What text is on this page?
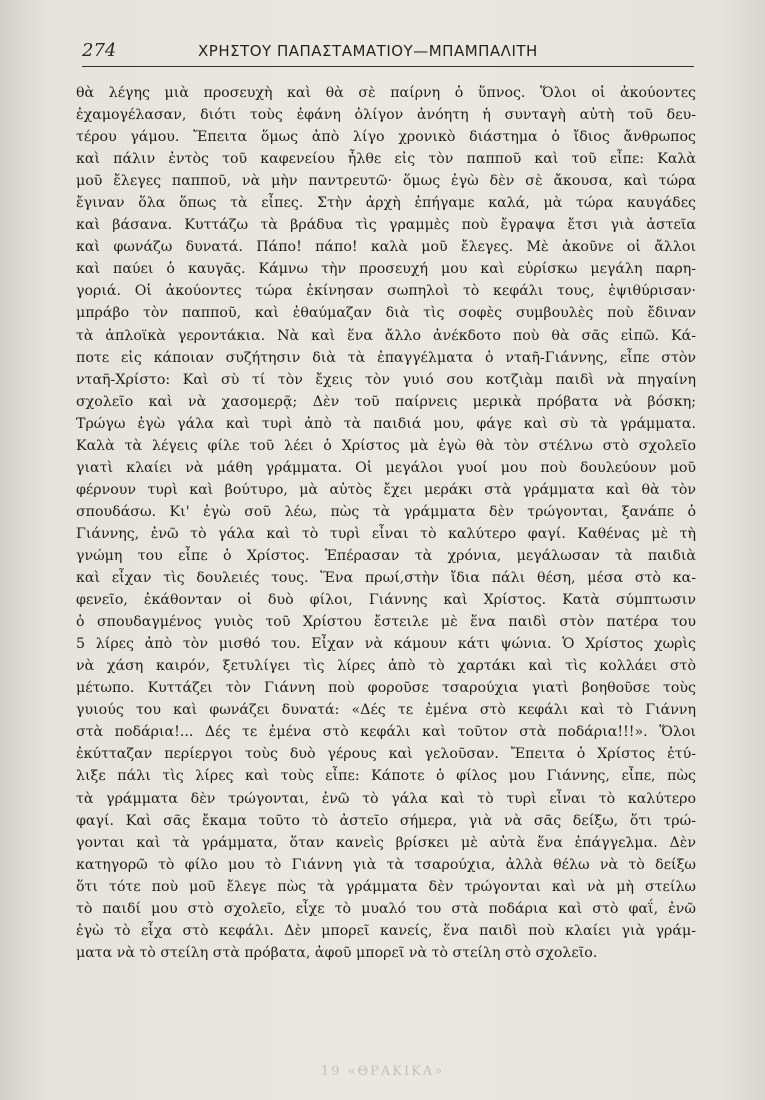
274	ΧΡΗΣΤΟΥ ΠΑΠΑΣΤΑΜΑΤΙΟΥ—ΜΠΑΜΠΑΛΙΤΗ
θὰ λέγης μιὰ προσευχὴ καὶ θὰ σὲ παίρνη ὁ ὕπνος. Ὅλοι οἱ ἀκούοντες
ἐχαμογέλασαν, διότι τοὺς ἐφάνη ὀλίγον ἀνόητη ἡ συνταγὴ αὐτὴ τοῦ δευ-
τέρου γάμου. Ἔπειτα ὅμως ἀπὸ λίγο χρονικὸ διάστημα ὁ ἴδιος ἄνθρωπος
καὶ πάλιν ἐντὸς τοῦ καφενείου ἦλθε εἰς τὸν παπποῦ καὶ τοῦ εἶπε: Καλὰ
μοῦ ἔλεγες παπποῦ, νὰ μὴν παντρευτῶ· ὅμως ἐγὼ δὲν σὲ ἄκουσα, καὶ τώρα
ἔγιναν ὅλα ὅπως τὰ εἶπες. Στὴν ἀρχὴ ἐπήγαμε καλά, μὰ τώρα καυγάδες
καὶ βάσανα. Κυττάζω τὰ βράδυα τὶς γραμμὲς ποὺ ἔγραψα ἔτσι γιὰ ἀστεῖα
καὶ φωνάζω δυνατά. Πάπο! πάπο! καλὰ μοῦ ἔλεγες. Μὲ ἀκοῦνε οἱ ἄλλοι
καὶ παύει ὁ καυγᾶς. Κάμνω τὴν προσευχή μου καὶ εὑρίσκω μεγάλη παρη-
γοριά. Οἱ ἀκούοντες τώρα ἐκίνησαν σωπηλοὶ τὸ κεφάλι τους, ἐψιθύρισαν·
μπράβο τὸν παπποῦ, καὶ ἐθαύμαζαν διὰ τὶς σοφὲς συμβουλὲς ποὺ ἔδιναν
τὰ ἁπλοϊκὰ γεροντάκια. Νὰ καὶ ἕνα ἄλλο ἀνέκδοτο ποὺ θὰ σᾶς εἰπῶ. Κά-
ποτε εἰς κάποιαν συζήτησιν διὰ τὰ ἐπαγγέλματα ὁ νταῆ-Γιάννης, εἶπε στὸν
νταῆ-Χρίστο: Καὶ σὺ τί τὸν ἔχεις τὸν γυιό σου κοτζιὰμ παιδὶ νὰ πηγαίνη
σχολεῖο καὶ νὰ χασομερᾷ; Δὲν τοῦ παίρνεις μερικὰ πρόβατα νὰ βόσκη;
Τρώγω ἐγὼ γάλα καὶ τυρὶ ἀπὸ τὰ παιδιά μου, φάγε καὶ σὺ τὰ γράμματα.
Καλὰ τὰ λέγεις φίλε τοῦ λέει ὁ Χρίστος μὰ ἐγὼ θὰ τὸν στέλνω στὸ σχολεῖο
γιατὶ κλαίει νὰ μάθη γράμματα. Οἱ μεγάλοι γυοί μου ποὺ δουλεύουν μοῦ
φέρνουν τυρὶ καὶ βούτυρο, μὰ αὐτὸς ἔχει μεράκι στὰ γράμματα καὶ θὰ τὸν
σπουδάσω. Κι' ἐγὼ σοῦ λέω, πὼς τὰ γράμματα δὲν τρώγονται, ξανάπε ὁ
Γιάννης, ἐνῶ τὸ γάλα καὶ τὸ τυρὶ εἶναι τὸ καλύτερο φαγί. Καθένας μὲ τὴ
γνώμη του εἶπε ὁ Χρίστος. Ἐπέρασαν τὰ χρόνια, μεγάλωσαν τὰ παιδιὰ
καὶ εἶχαν τὶς δουλειές τους. Ἕνα πρωί,στὴν ἴδια πάλι θέση, μέσα στὸ κα-
φενεῖο, ἐκάθονταν οἱ δυὸ φίλοι, Γιάννης καὶ Χρίστος. Κατὰ σύμπτωσιν
ὁ σπουδαγμένος γυιὸς τοῦ Χρίστου ἔστειλε μὲ ἕνα παιδὶ στὸν πατέρα του
5 λίρες ἀπὸ τὸν μισθό του. Εἶχαν νὰ κάμουν κάτι ψώνια. Ὁ Χρίστος χωρὶς
νὰ χάση καιρόν, ξετυλίγει τὶς λίρες ἀπὸ τὸ χαρτάκι καὶ τὶς κολλάει στὸ
μέτωπο. Κυττάζει τὸν Γιάννη ποὺ φοροῦσε τσαρούχια γιατὶ βοηθοῦσε τοὺς
γυιούς του καὶ φωνάζει δυνατά: «Δές τε ἐμένα στὸ κεφάλι καὶ τὸ Γιάννη
στὰ ποδάρια!... Δές τε ἐμένα στὸ κεφάλι καὶ τοῦτον στὰ ποδάρια!!!». Ὅλοι
ἐκύτταζαν περίεργοι τοὺς δυὸ γέρους καὶ γελοῦσαν. Ἔπειτα ὁ Χρίστος ἐτύ-
λιξε πάλι τὶς λίρες καὶ τοὺς εἶπε: Κάποτε ὁ φίλος μου Γιάννης, εἶπε, πὼς
τὰ γράμματα δὲν τρώγονται, ἐνῶ τὸ γάλα καὶ τὸ τυρὶ εἶναι τὸ καλύτερο
φαγί. Καὶ σᾶς ἔκαμα τοῦτο τὸ ἀστεῖο σήμερα, γιὰ νὰ σᾶς δείξω, ὅτι τρώ-
γονται καὶ τὰ γράμματα, ὅταν κανεὶς βρίσκει μὲ αὐτὰ ἕνα ἐπάγγελμα. Δὲν
κατηγορῶ τὸ φίλο μου τὸ Γιάννη γιὰ τὰ τσαρούχια, ἀλλὰ θέλω νὰ τὸ δείξω
ὅτι τότε ποὺ μοῦ ἔλεγε πὼς τὰ γράμματα δὲν τρώγονται καὶ νὰ μὴ στείλω
τὸ παιδί μου στὸ σχολεῖο, εἶχε τὸ μυαλό του στὰ ποδάρια καὶ στὸ φαΐ, ἐνῶ
ἐγὼ τὸ εἶχα στὸ κεφάλι. Δὲν μπορεῖ κανείς, ἕνα παιδὶ ποὺ κλαίει γιὰ γράμ-
ματα νὰ τὸ στείλη στὰ πρόβατα, ἀφοῦ μπορεῖ νὰ τὸ στείλη στὸ σχολεῖο.
19 «ΘΡΑΚΙΚΑ»
